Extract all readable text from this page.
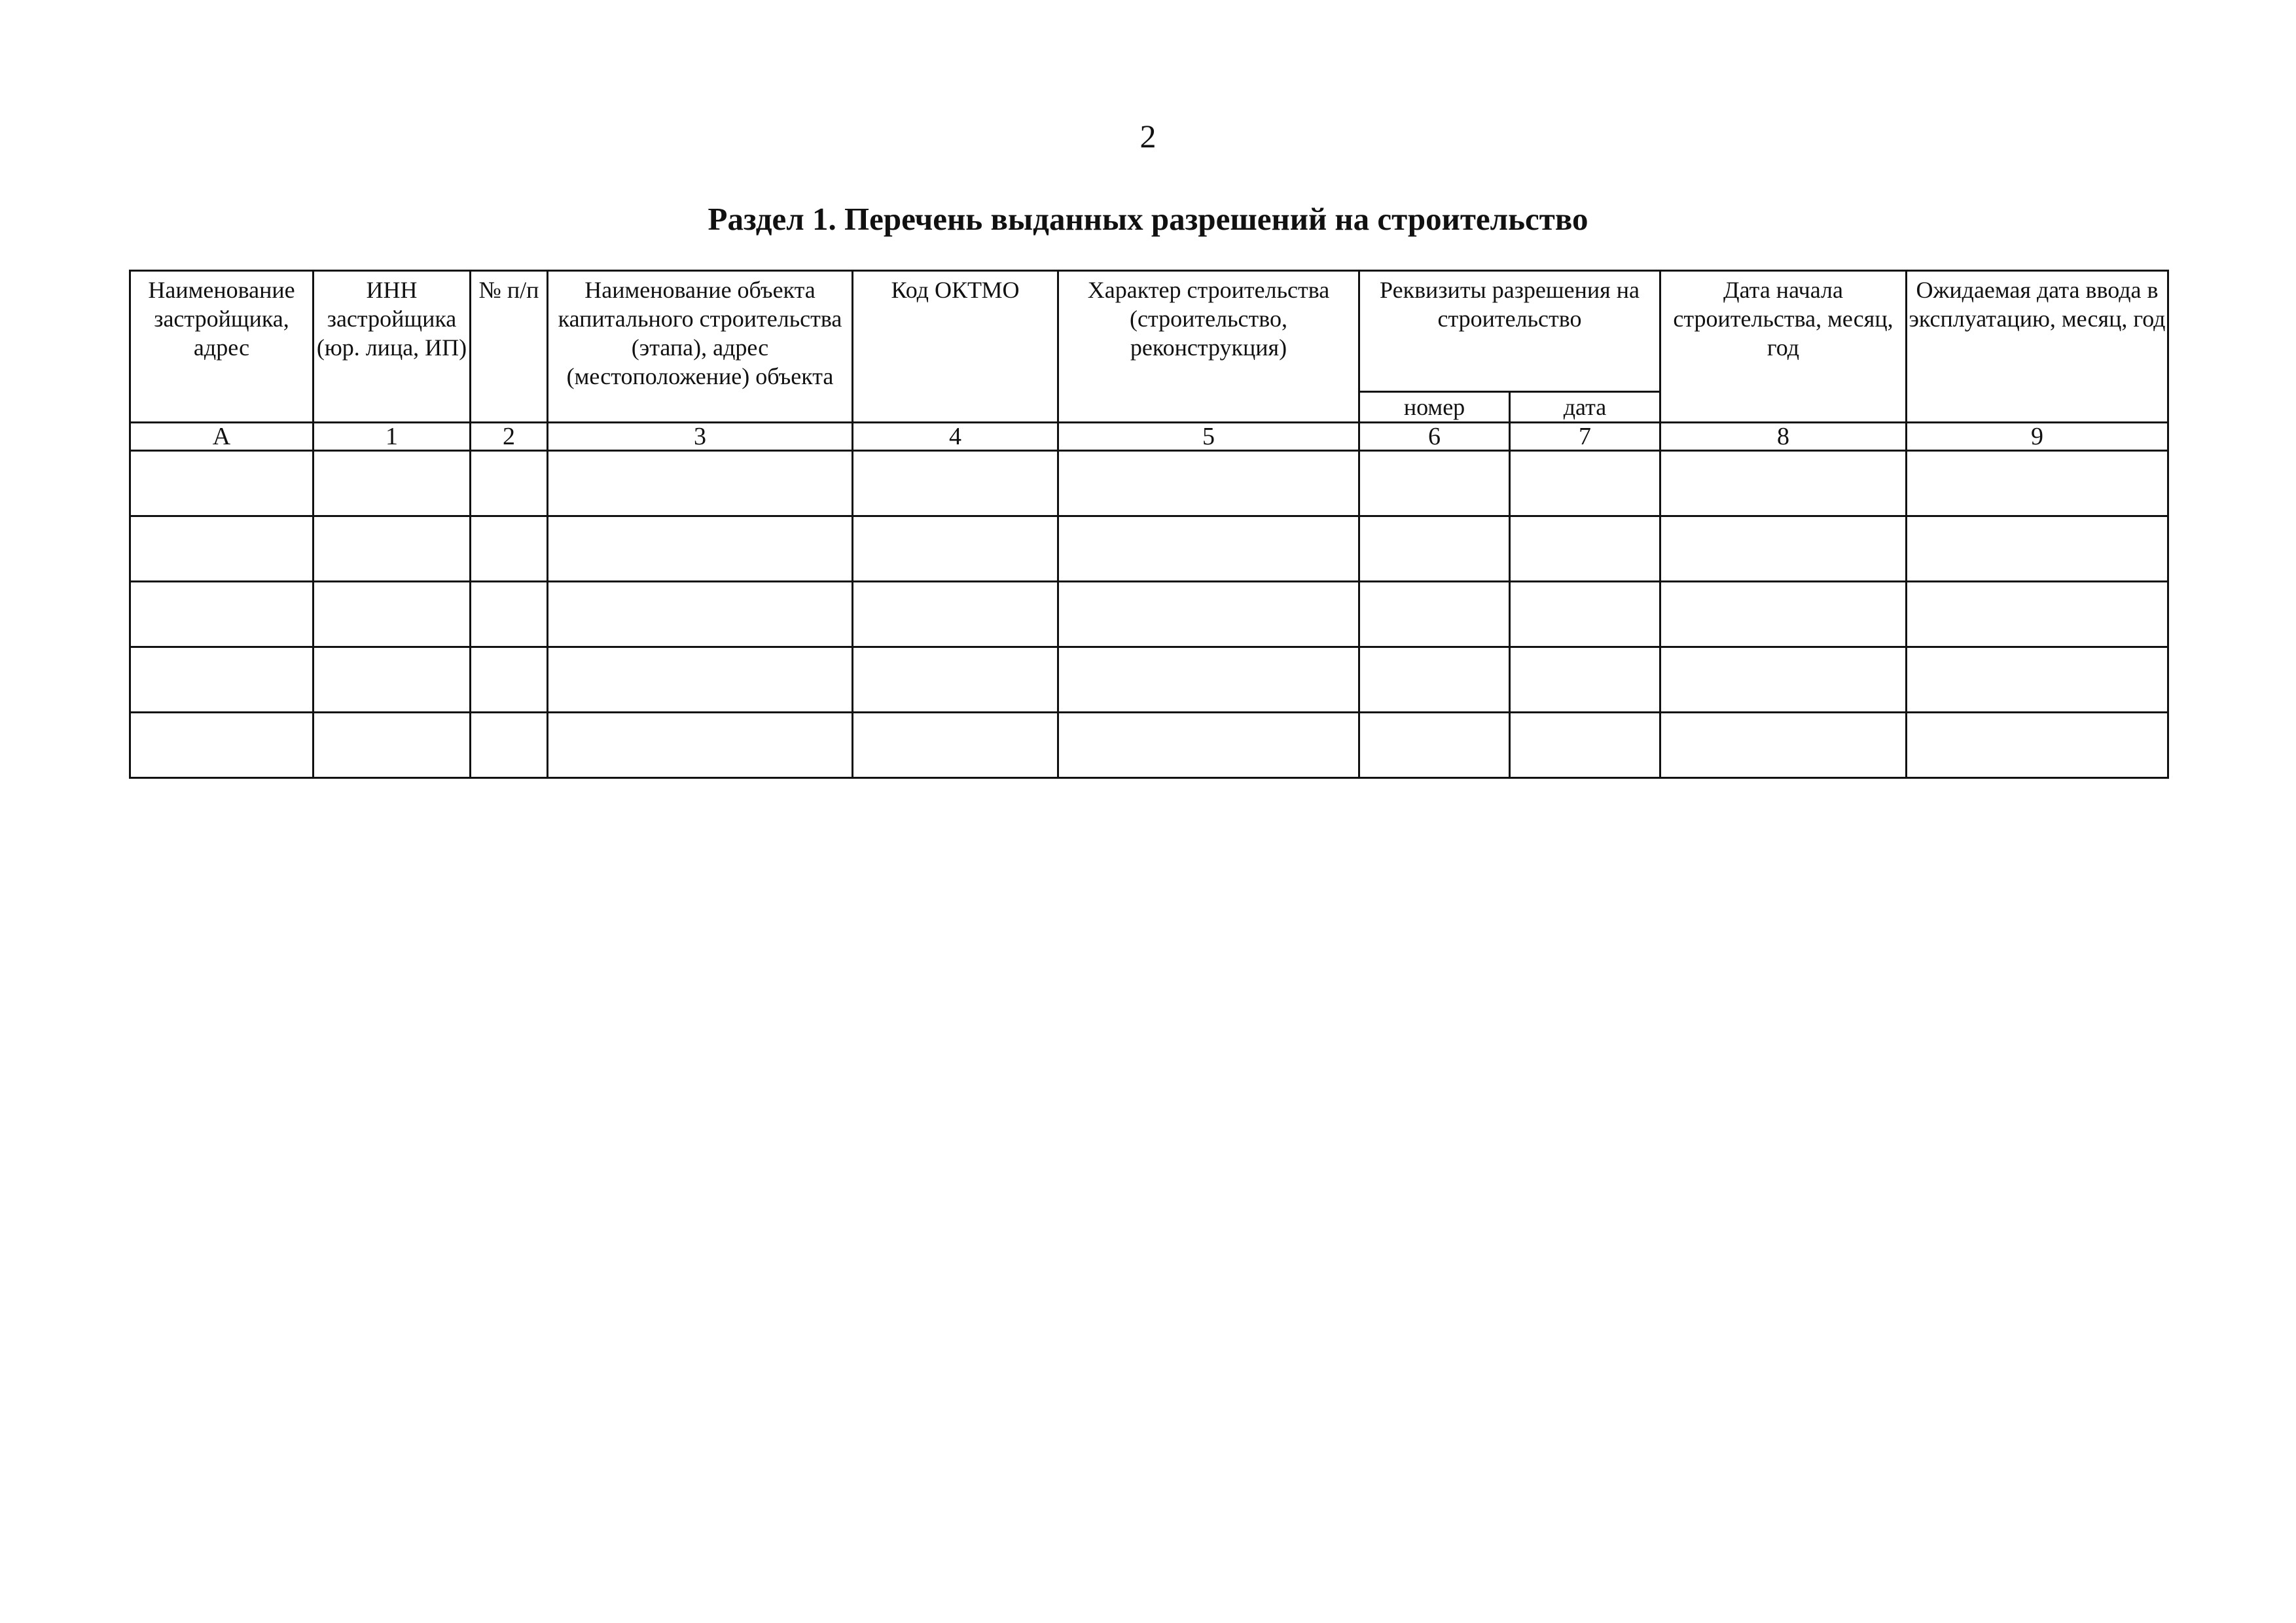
2
Раздел 1. Перечень выданных разрешений на строительство
Наименование застройщика, адрес	ИНН застройщика (юр. лица, ИП)	№ п/п	Наименование объекта капитального строительства (этапа), адрес (местоположение) объекта	Код ОКТМО	Характер строительства (строительство, реконструкция)	Реквизиты разрешения на строительство		Дата начала строительства, месяц, год	Ожидаемая дата ввода в эксплуатацию, месяц, год

						номер	дата		
А	1	2	3	4	5	6	7	8	9
